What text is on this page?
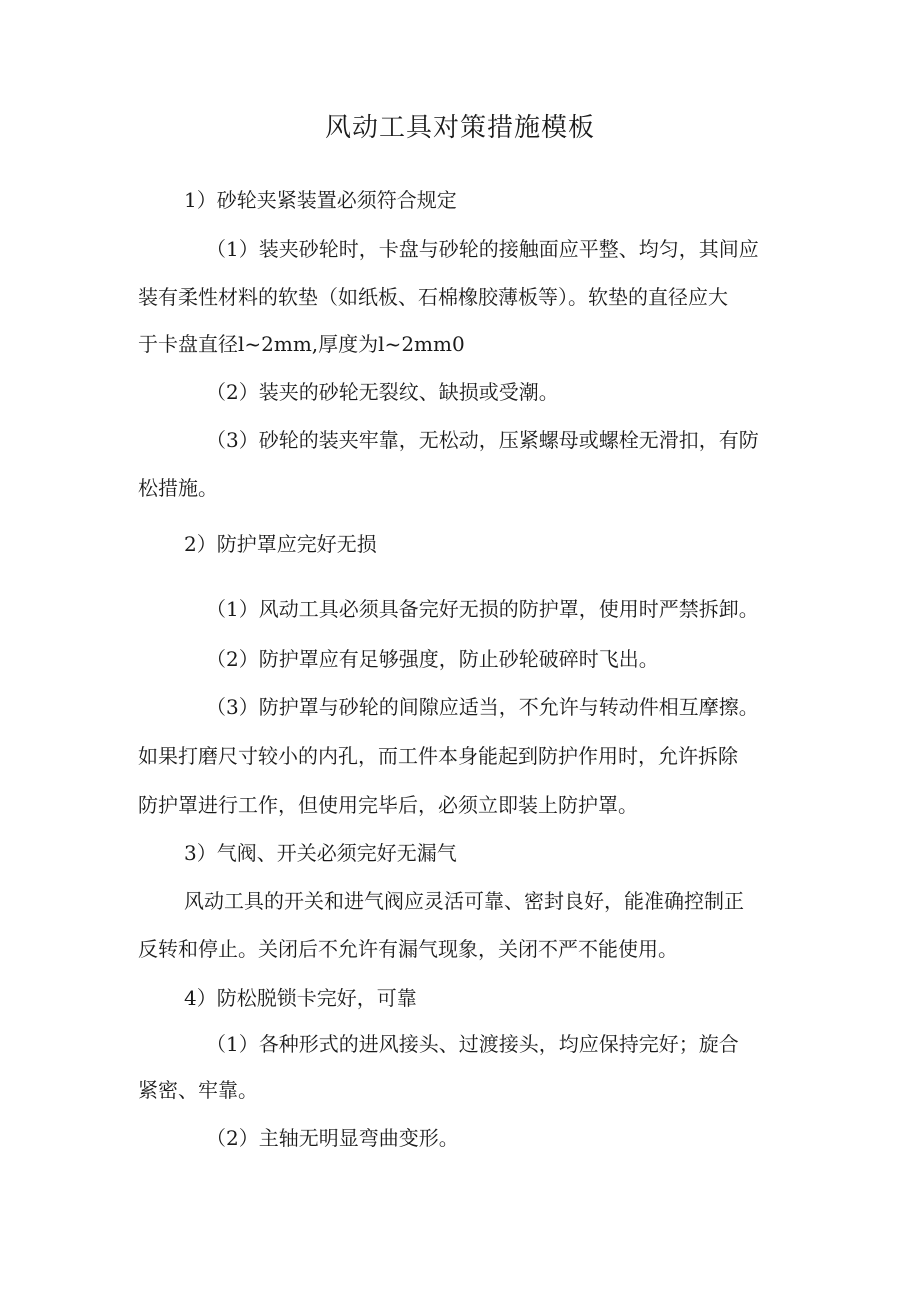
风动工具对策措施模板
1）砂轮夹紧装置必须符合规定
（1）装夹砂轮时，卡盘与砂轮的接触面应平整、均匀，其间应
装有柔性材料的软垫（如纸板、石棉橡胶薄板等）。软垫的直径应大
于卡盘直径l~2mm,厚度为l~2mm0
（2）装夹的砂轮无裂纹、缺损或受潮。
（3）砂轮的装夹牢靠，无松动，压紧螺母或螺栓无滑扣，有防
松措施。
2）防护罩应完好无损
（1）风动工具必须具备完好无损的防护罩，使用时严禁拆卸。
（2）防护罩应有足够强度，防止砂轮破碎时飞出。
（3）防护罩与砂轮的间隙应适当，不允许与转动件相互摩擦。
如果打磨尺寸较小的内孔，而工件本身能起到防护作用时，允许拆除
防护罩进行工作，但使用完毕后，必须立即装上防护罩。
3）气阀、开关必须完好无漏气
风动工具的开关和进气阀应灵活可靠、密封良好，能准确控制正
反转和停止。关闭后不允许有漏气现象，关闭不严不能使用。
4）防松脱锁卡完好，可靠
（1）各种形式的进风接头、过渡接头，均应保持完好；旋合
紧密、牢靠。
（2）主轴无明显弯曲变形。
